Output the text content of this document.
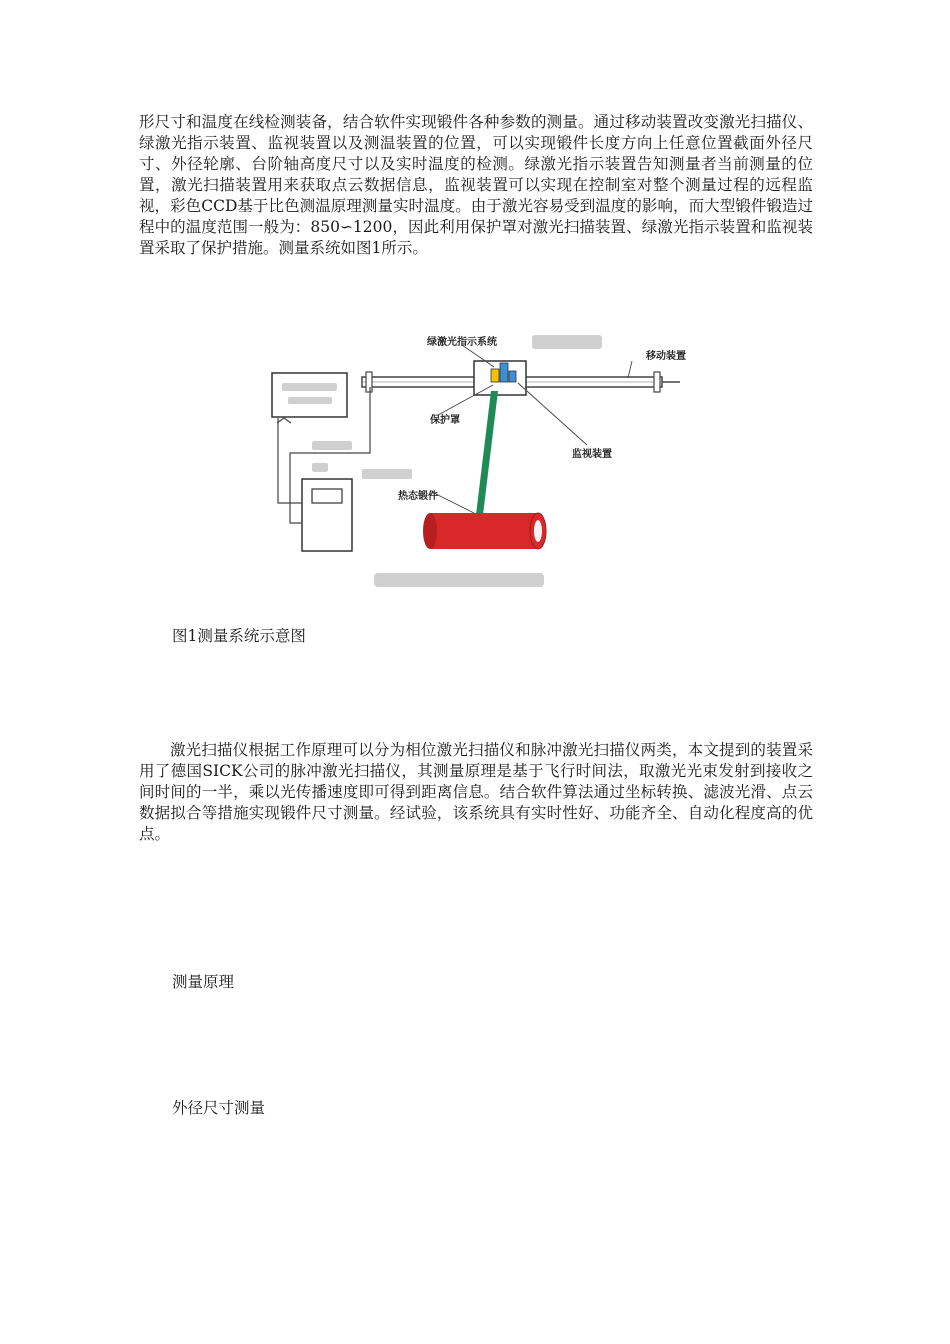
形尺寸和温度在线检测装备，结合软件实现锻件各种参数的测量。通过移动装置改变激光扫描仪、绿激光指示装置、监视装置以及测温装置的位置，可以实现锻件长度方向上任意位置截面外径尺寸、外径轮廓、台阶轴高度尺寸以及实时温度的检测。绿激光指示装置告知测量者当前测量的位置，激光扫描装置用来获取点云数据信息，监视装置可以实现在控制室对整个测量过程的远程监视，彩色CCD基于比色测温原理测量实时温度。由于激光容易受到温度的影响，而大型锻件锻造过程中的温度范围一般为：850∽1200，因此利用保护罩对激光扫描装置、绿激光指示装置和监视装置采取了保护措施。测量系统如图1所示。

绿激光指示系统
移动装置
保护罩
监视装置
热态锻件
图1测量系统示意图

激光扫描仪根据工作原理可以分为相位激光扫描仪和脉冲激光扫描仪两类，本文提到的装置采用了德国SICK公司的脉冲激光扫描仪，其测量原理是基于飞行时间法，取激光光束发射到接收之间时间的一半，乘以光传播速度即可得到距离信息。结合软件算法通过坐标转换、滤波光滑、点云数据拟合等措施实现锻件尺寸测量。经试验，该系统具有实时性好、功能齐全、自动化程度高的优点。

测量原理
外径尺寸测量
